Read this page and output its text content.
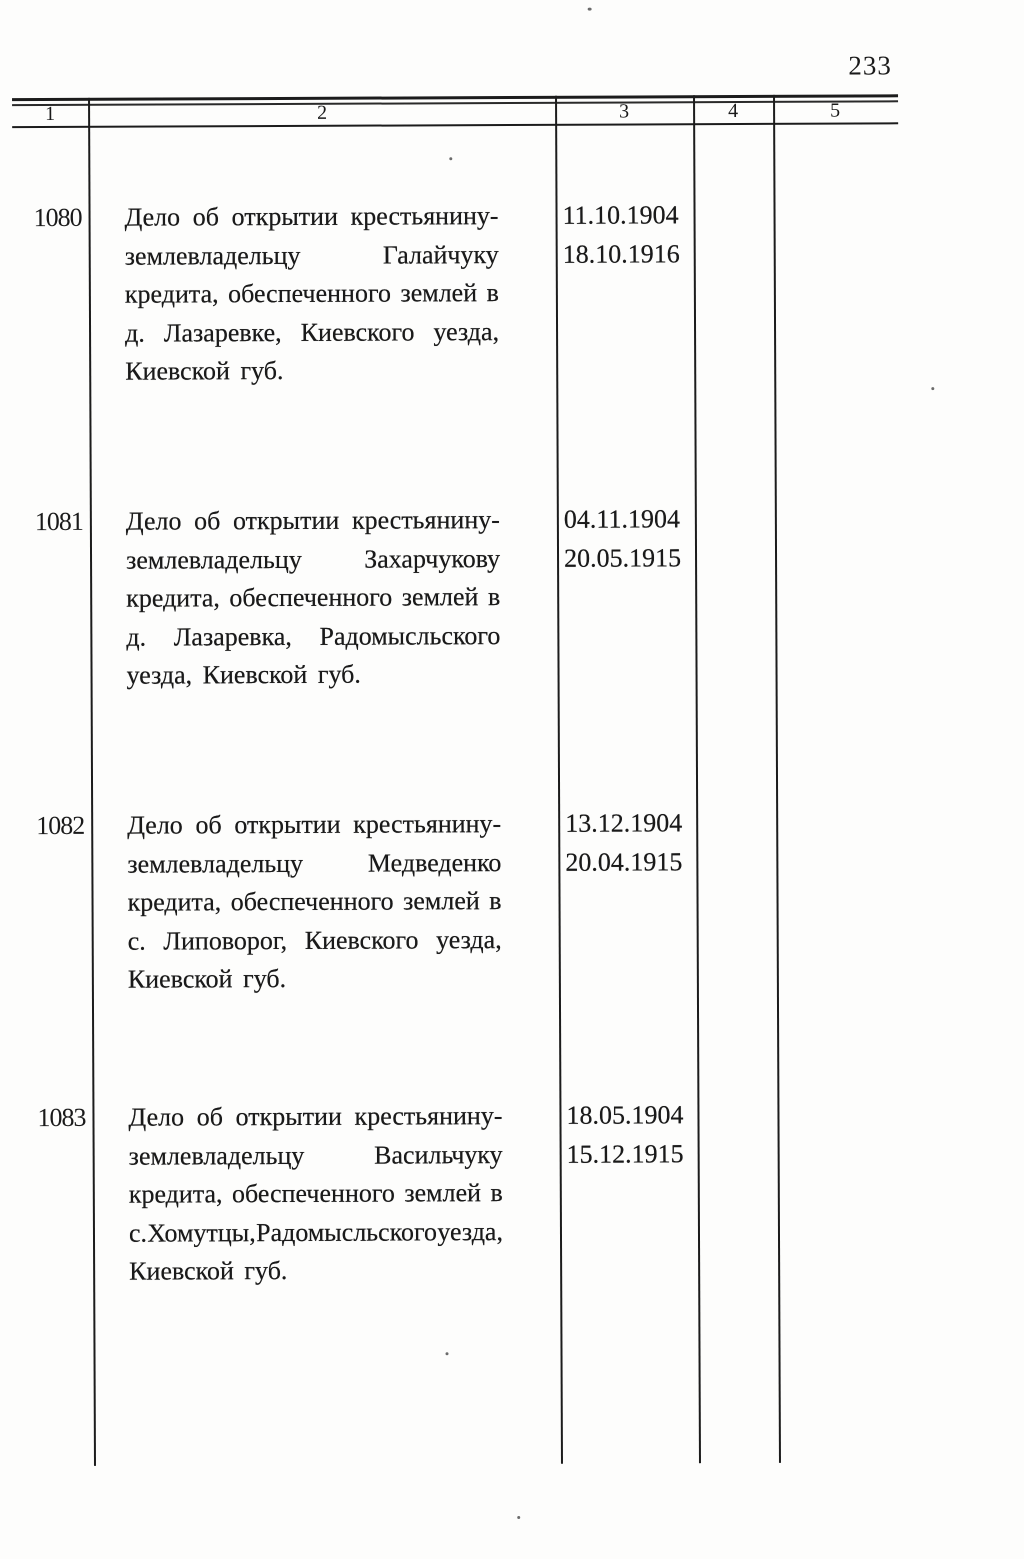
233
1	2	3	4	5
1080 Дело об открытии крестьянину-
землевладельцу	Галайчуку
кредита, обеспеченного землей в
д. Лазаревке, Киевского уезда,
Киевской губ.
11.10.1904
18.10.1916
1081 Дело об открытии крестьянину-
землевладельцу Захарчукову
кредита, обеспеченного землей в
д. Лазаревка, Радомысльского
уезда, Киевской губ.
04.11.1904
20.05.1915
1082 Дело об открытии крестьянину-
землевладельцу Медведенко
кредита, обеспеченного землей в
с. Липоворог, Киевского уезда,
Киевской губ.
13.12.1904
20.04.1915
1083 Дело об открытии крестьянину-
землевладельцу	Васильчуку
кредита, обеспеченного землей в
с. Хомутцы, Радомысльского уезда,
Киевской губ.
18.05.1904
15.12.1915
